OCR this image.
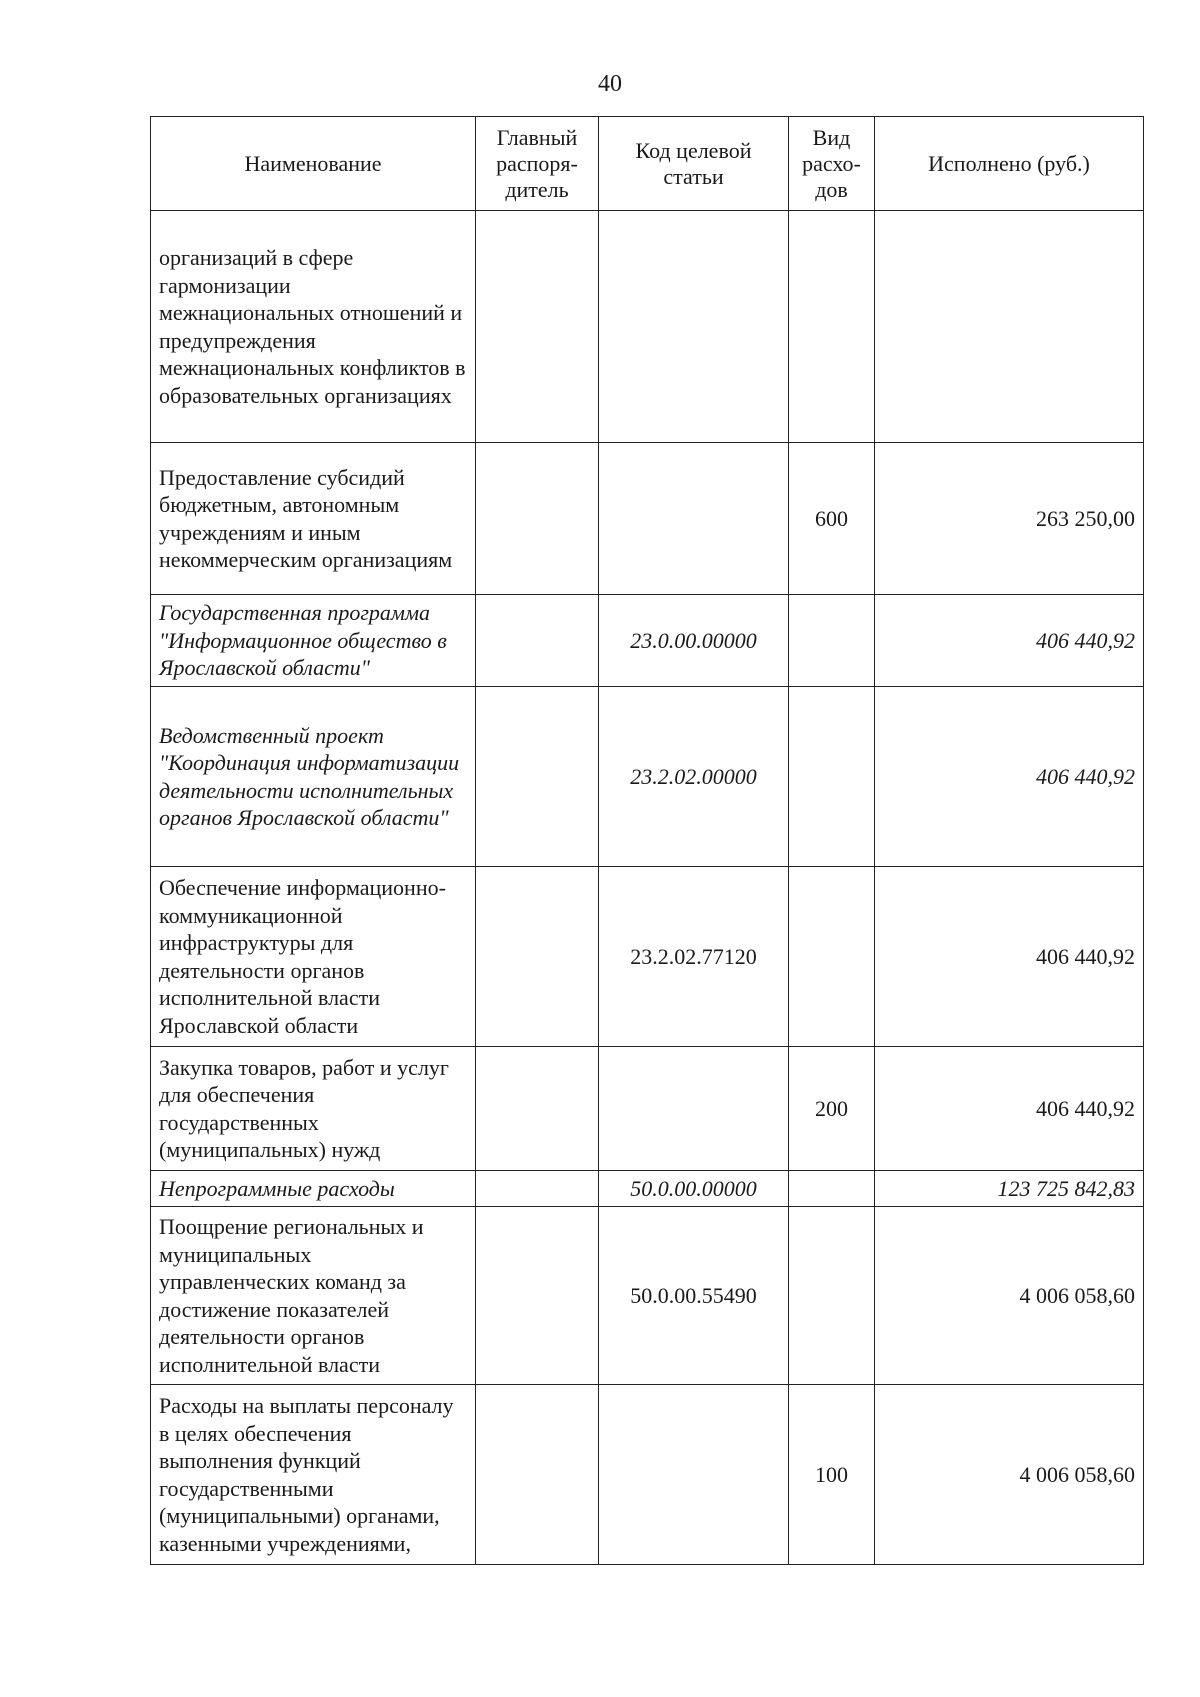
40
Наименование	Главный распоря-дитель	Код целевой статьи	Вид расхо-дов	Исполнено (руб.)
организаций в сфере гармонизации межнациональных отношений и предупреждения межнациональных конфликтов в образовательных организациях				
Предоставление субсидий бюджетным, автономным учреждениям и иным некоммерческим организациям			600	263 250,00
Государственная программа "Информационное общество в Ярославской области"		23.0.00.00000		406 440,92
Ведомственный проект "Координация информатизации деятельности исполнительных органов Ярославской области"		23.2.02.00000		406 440,92
Обеспечение информационно-коммуникационной инфраструктуры для деятельности органов исполнительной власти Ярославской области		23.2.02.77120		406 440,92
Закупка товаров, работ и услуг для обеспечения государственных (муниципальных) нужд			200	406 440,92
Непрограммные расходы		50.0.00.00000		123 725 842,83
Поощрение региональных и муниципальных управленческих команд за достижение показателей деятельности органов исполнительной власти		50.0.00.55490		4 006 058,60
Расходы на выплаты персоналу в целях обеспечения выполнения функций государственными (муниципальными) органами, казенными учреждениями,			100	4 006 058,60
